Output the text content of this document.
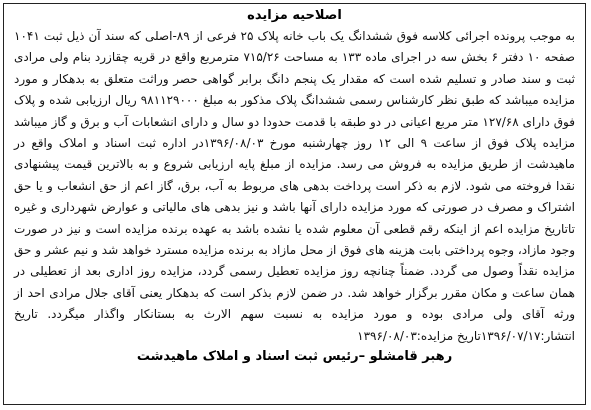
اصلاحیه مزایده

به موجب پرونده اجرائی کلاسه فوق ششدانگ یک باب خانه پلاک ۲۵ فرعی از ۸۹-اصلی که سند آن ذیل ثبت ۱۰۴۱ صفحه ۱۰ دفتر ۶ بخش سه در اجرای ماده ۱۳۳ به مساحت ۷۱۵/۲۶ مترمربع واقع در قریه چقازرد بنام ولی مرادی ثبت و سند صادر و تسلیم شده است که مقدار یک پنجم دانگ برابر گواهی حصر وراثت متعلق به بدهکار و مورد مزایده میباشد که طبق نظر کارشناس رسمی ششدانگ پلاک مذکور به مبلغ ۹۸۱۱۲۹۰۰۰ ریال ارزیابی شده و پلاک فوق دارای ۱۲۷/۶۸ متر مربع اعیانی در دو طبقه با قدمت حدودا دو سال و دارای انشعابات آب و برق و گاز میباشد مزایده پلاک فوق از ساعت ۹ الی ۱۲ روز چهارشنبه مورخ ۱۳۹۶/۰۸/۰۳در اداره ثبت اسناد و املاک واقع در ماهیدشت از طریق مزایده به فروش می رسد. مزایده از مبلغ پایه ارزیابی شروع و به بالاترین قیمت پیشنهادی نقدا فروخته می شود. لازم به ذکر است پرداخت بدهی های مربوط به آب، برق، گاز اعم از حق انشعاب و یا حق اشتراک و مصرف در صورتی که مورد مزایده دارای آنها باشد و نیز بدهی های مالیاتی و عوارض شهرداری و غیره تاتاریخ مزایده اعم از اینکه رقم قطعی آن معلوم شده یا نشده باشد به عهده برنده مزایده است و نیز در صورت وجود مازاد، وجوه پرداختی بابت هزینه های فوق از محل مازاد به برنده مزایده مسترد خواهد شد و نیم عشر و حق مزایده نقداً وصول می گردد. ضمناً چنانچه روز مزایده تعطیل رسمی گردد، مزایده روز اداری بعد از تعطیلی در همان ساعت و مکان مقرر برگزار خواهد شد. در ضمن لازم بذکر است که بدهکار یعنی آقای جلال مرادی احد از ورثه آقای ولی مرادی بوده و مورد مزایده به نسبت سهم الارث به بستانکار واگذار میگردد. تاریخ انتشار:۱۳۹۶/۰۷/۱۷تاریخ مزایده:۱۳۹۶/۰۸/۰۳

رهبر قامشلو –رئیس ثبت اسناد و املاک ماهیدشت
